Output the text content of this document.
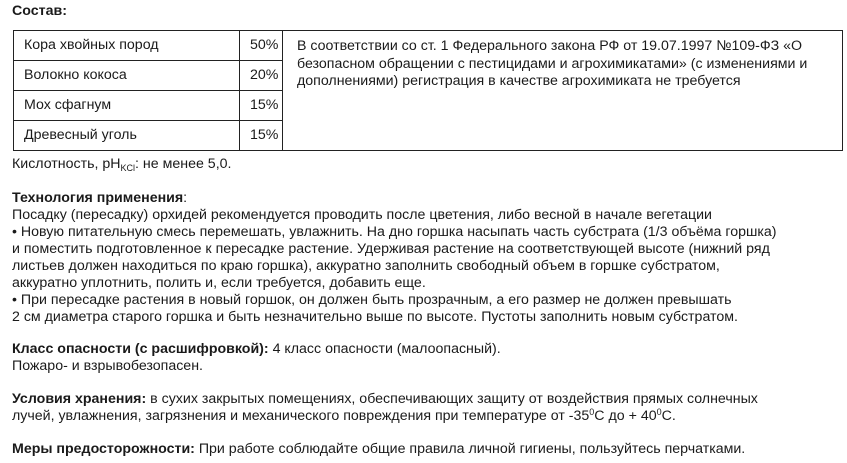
Состав:
Кора хвойных пород	50%	В соответствии со ст. 1 Федерального закона РФ от 19.07.1997 №109-ФЗ «О безопасном обращении с пестицидами и агрохимикатами» (с изменениями и дополнениями) регистрация в качестве агрохимиката не требуется
Волокно кокоса	20%	
Мох сфагнум	15%	
Древесный уголь	15%	
Кислотность, $pH_{KCl}$: не менее 5,0.
Технология применения:
Посадку (пересадку) орхидей рекомендуется проводить после цветения, либо весной в начале вегетации
• Новую питательную смесь перемешать, увлажнить. На дно горшка насыпать часть субстрата (1/3 объёма горшка)
и поместить подготовленное к пересадке растение. Удерживая растение на соответствующей высоте (нижний ряд
листьев должен находиться по краю горшка), аккуратно заполнить свободный объем в горшке субстратом,
аккуратно уплотнить, полить и, если требуется, добавить еще.
• При пересадке растения в новый горшок, он должен быть прозрачным, а его размер не должен превышать
2 см диаметра старого горшка и быть незначительно выше по высоте. Пустоты заполнить новым субстратом.
Класс опасности (с расшифровкой): 4 класс опасности (малоопасный).
Пожаро- и взрывобезопасен.
Условия хранения: в сухих закрытых помещениях, обеспечивающих защиту от воздействия прямых солнечных
лучей, увлажнения, загрязнения и механического повреждения при температуре от $-35^0С$ до + $40^0С$.
Меры предосторожности: При работе соблюдайте общие правила личной гигиены, пользуйтесь перчатками.
